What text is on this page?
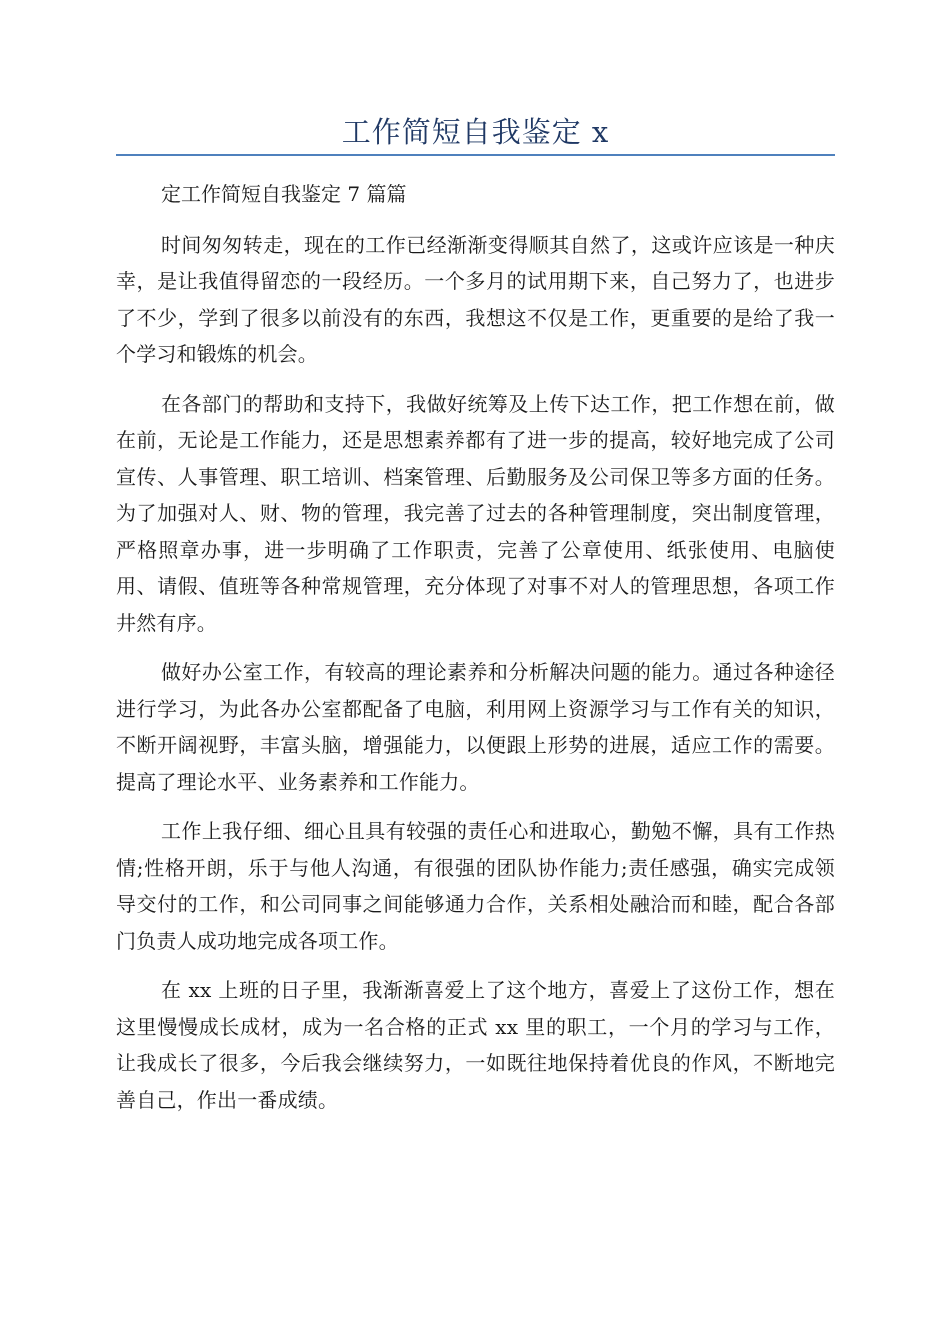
工作简短自我鉴定 x

定工作简短自我鉴定 7 篇篇

时间匆匆转走，现在的工作已经渐渐变得顺其自然了，这或许应该是一种庆幸，是让我值得留恋的一段经历。一个多月的试用期下来，自己努力了，也进步了不少，学到了很多以前没有的东西，我想这不仅是工作，更重要的是给了我一个学习和锻炼的机会。

在各部门的帮助和支持下，我做好统筹及上传下达工作，把工作想在前，做在前，无论是工作能力，还是思想素养都有了进一步的提高，较好地完成了公司宣传、人事管理、职工培训、档案管理、后勤服务及公司保卫等多方面的任务。为了加强对人、财、物的管理，我完善了过去的各种管理制度，突出制度管理，严格照章办事，进一步明确了工作职责，完善了公章使用、纸张使用、电脑使用、请假、值班等各种常规管理，充分体现了对事不对人的管理思想，各项工作井然有序。

做好办公室工作，有较高的理论素养和分析解决问题的能力。通过各种途径进行学习，为此各办公室都配备了电脑，利用网上资源学习与工作有关的知识，不断开阔视野，丰富头脑，增强能力，以便跟上形势的进展，适应工作的需要。提高了理论水平、业务素养和工作能力。

工作上我仔细、细心且具有较强的责任心和进取心，勤勉不懈，具有工作热情;性格开朗，乐于与他人沟通，有很强的团队协作能力;责任感强，确实完成领导交付的工作，和公司同事之间能够通力合作，关系相处融洽而和睦，配合各部门负责人成功地完成各项工作。

在 xx 上班的日子里，我渐渐喜爱上了这个地方，喜爱上了这份工作，想在这里慢慢成长成材，成为一名合格的正式 xx 里的职工，一个月的学习与工作，让我成长了很多，今后我会继续努力，一如既往地保持着优良的作风，不断地完善自己，作出一番成绩。
